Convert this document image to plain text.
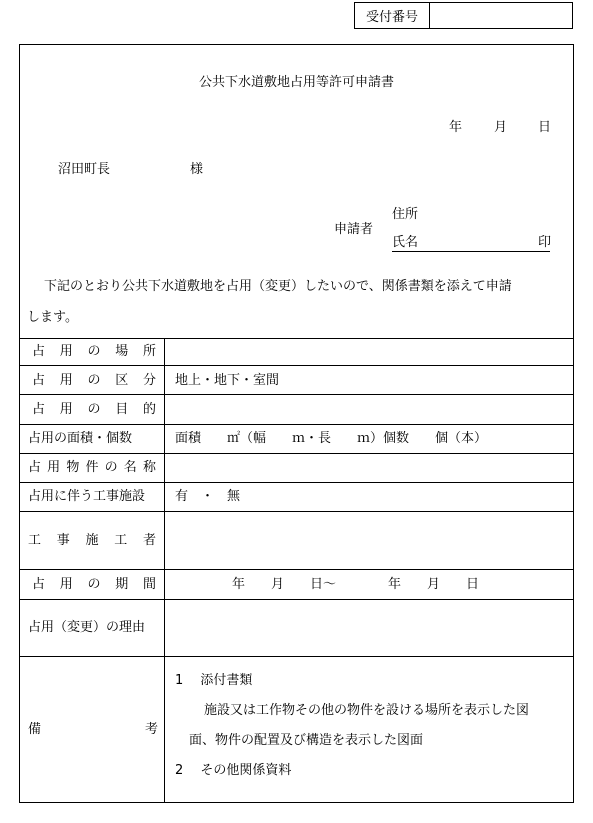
受付番号
公共下水道敷地占用等許可申請書
年 月 日
沼田町長	様
申請者
住所
氏名	印
下記のとおり公共下水道敷地を占用（変更）したいので、関係書類を添えて申請
します。
占 用 の 場 所
占 用 の 区 分 地上・地下・室間
占 用 の 目 的
占用の面積・個数	面積　　㎡（幅　　ｍ・長　　ｍ）個数　　個（本）
占 用 物 件 の 名 称
占用に伴う工事施設 有　・　無
工 事 施 工 者
占 用 の 期 間	年　　月　　日～　　　　年　　月　　日
占用（変更）の理由
備	考
1　 添付書類
施設又は工作物その他の物件を設ける場所を表示した図
面、物件の配置及び構造を表示した図面
2　 その他関係資料
